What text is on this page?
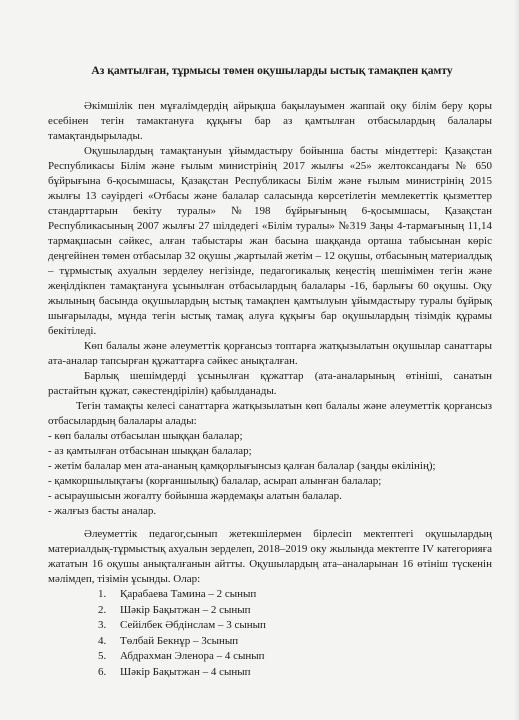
Аз қамтылған, тұрмысы төмен оқушыларды ыстық тамақпен қамту

Әкімшілік пен мұғалімдердің айрықша бақылауымен жаппай оқу білім беру қоры есебінен тегін тамактануға құқығы бар аз қамтылған отбасылардың балалары тамақтандырылады.

Оқушылардың тамақтануын ұйымдастыру бойынша басты міндеттері: Қазақстан Республикасы Білім және ғылым министрінің 2017 жылғы «25» желтоксандағы № 650 бұйрығына 6-қосымшасы, Қазақстан Республикасы Білім және ғылым министрінің 2015 жылғы 13 сәуірдегі «Отбасы және балалар саласында көрсетілетін мемлекеттік қызметтер стандарттарын бекіту туралы» №198 бұйрығының 6-қосымшасы, Қазақстан Республикасының 2007 жылғы 27 шілдедегі «Білім туралы» №319 Заңы 4-тармағының 11,14 тармақшасын сәйкес, алған табыстары жан басына шаққанда орташа табысынан көріс деңгейінен төмен отбасылар 32 оқушы ,жартылай жетім – 12 оқушы, отбасының материалдық – тұрмыстық ахуалын зерделеу негізінде, педагогикалық кеңестің шешімімен тегін және жеңілдікпен тамақтануға ұсынылған отбасылардың балалары -16, барлығы 60 оқушы. Оқу жылының басында оқушылардың ыстық тамақпен қамтылуын ұйымдастыру туралы бұйрық шығарылады, мұнда тегін ыстық тамақ алуға құқығы бар оқушылардың тізімдік құрамы бекітіледі.

Көп балалы және әлеуметтік қорғансыз топтарға жатқызылатын оқушылар санаттары ата-аналар тапсырған құжаттарға сәйкес анықталған.

Барлық шешімдерді ұсынылған құжаттар (ата-аналарының өтініші, санатын растайтын құжат, сәкестендірілін) қабылданады.

Тегін тамақты келесі санаттарға жатқызылатын көп балалы және әлеуметтік қорғансыз отбасылардың балалары алады:

- көп балалы отбасылан шыққан балалар;
- аз қамтылған отбасынан шыққан балалар;
- жетім балалар мен ата-ананың қамқорлығынсыз қалған балалар (заңды өкілінің);
- қамкоршылықтағы (корғаншылық) балалар, асырап алынған балалар;
- асыраушысын жоғалту бойынша жәрдемақы алатын балалар.
- жалғыз басты аналар.

Әлеуметтік педагог,сынып жетекшілермен бірлесіп мектептегі оқушылардың материалдық-тұрмыстық ахуалын зерделеп, 2018–2019 оку жылында мектепте IV категорияға жататын 16 оқушы анықталғанын айтты. Оқушылардың ата–аналарынан 16 өтініш түскенін мәлімдеп, тізімін ұсынды. Олар:

1. Қарабаева Тамина – 2 сынып
2. Шәкір Бақытжан – 2 сынып
3. Сейілбек Әбдінслам – 3 сынып
4. Төлбай Бекнұр – 3сынып
5. Абдрахман Эленора – 4 сынып
6. Шәкір Бақытжан – 4 сынып
